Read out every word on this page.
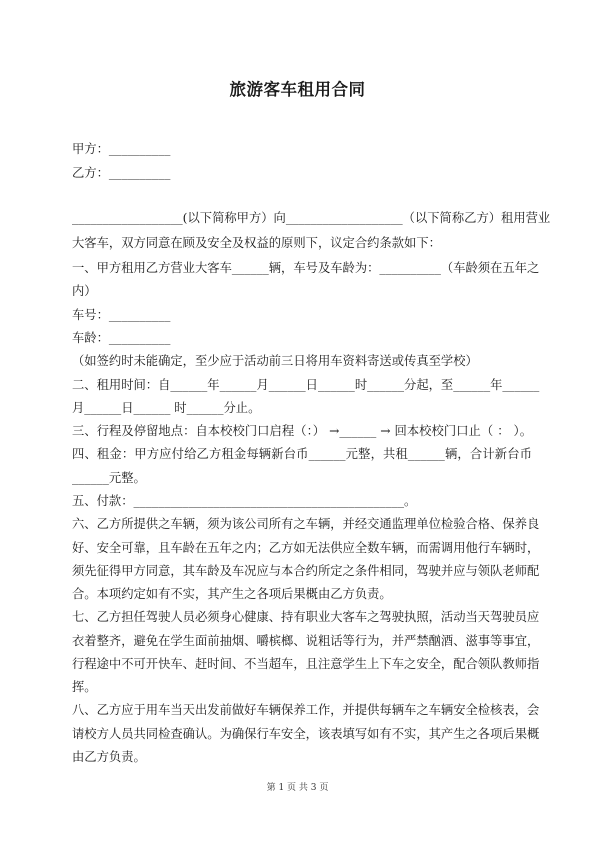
旅游客车租用合同
甲方：__________
乙方：__________
__________________(以下简称甲方）向___________________（以下简称乙方）租用营业
大客车，双方同意在顾及安全及权益的原则下，议定合约条款如下：
一、甲方租用乙方营业大客车______辆，车号及车龄为：__________（车龄须在五年之
内）
车号：__________
车龄：__________
（如签约时未能确定，至少应于活动前三日将用车资料寄送或传真至学校）
二、租用时间：自______年______月______日______时______分起，至______年______
月______日______ 时______分止。
三、行程及停留地点：自本校校门口启程（：） →______ → 回本校校门口止（ ： ）。
四、租金：甲方应付给乙方租金每辆新台币______元整，共租______辆，合计新台币
______元整。
五、付款：____________________________________________。
六、乙方所提供之车辆，须为该公司所有之车辆，并经交通监理单位检验合格、保养良
好、安全可靠，且车龄在五年之内；乙方如无法供应全数车辆，而需调用他行车辆时，
须先征得甲方同意，其车龄及车况应与本合约所定之条件相同，驾驶并应与领队老师配
合。本项约定如有不实，其产生之各项后果概由乙方负责。
七、乙方担任驾驶人员必须身心健康、持有职业大客车之驾驶执照，活动当天驾驶员应
衣着整齐，避免在学生面前抽烟、嚼槟榔、说粗话等行为，并严禁酗酒、滋事等事宜，
行程途中不可开快车、赶时间、不当超车，且注意学生上下车之安全，配合领队教师指
挥。
八、乙方应于用车当天出发前做好车辆保养工作，并提供每辆车之车辆安全检核表，会
请校方人员共同检查确认。为确保行车安全，该表填写如有不实，其产生之各项后果概
由乙方负责。
第 1 页 共 3 页
